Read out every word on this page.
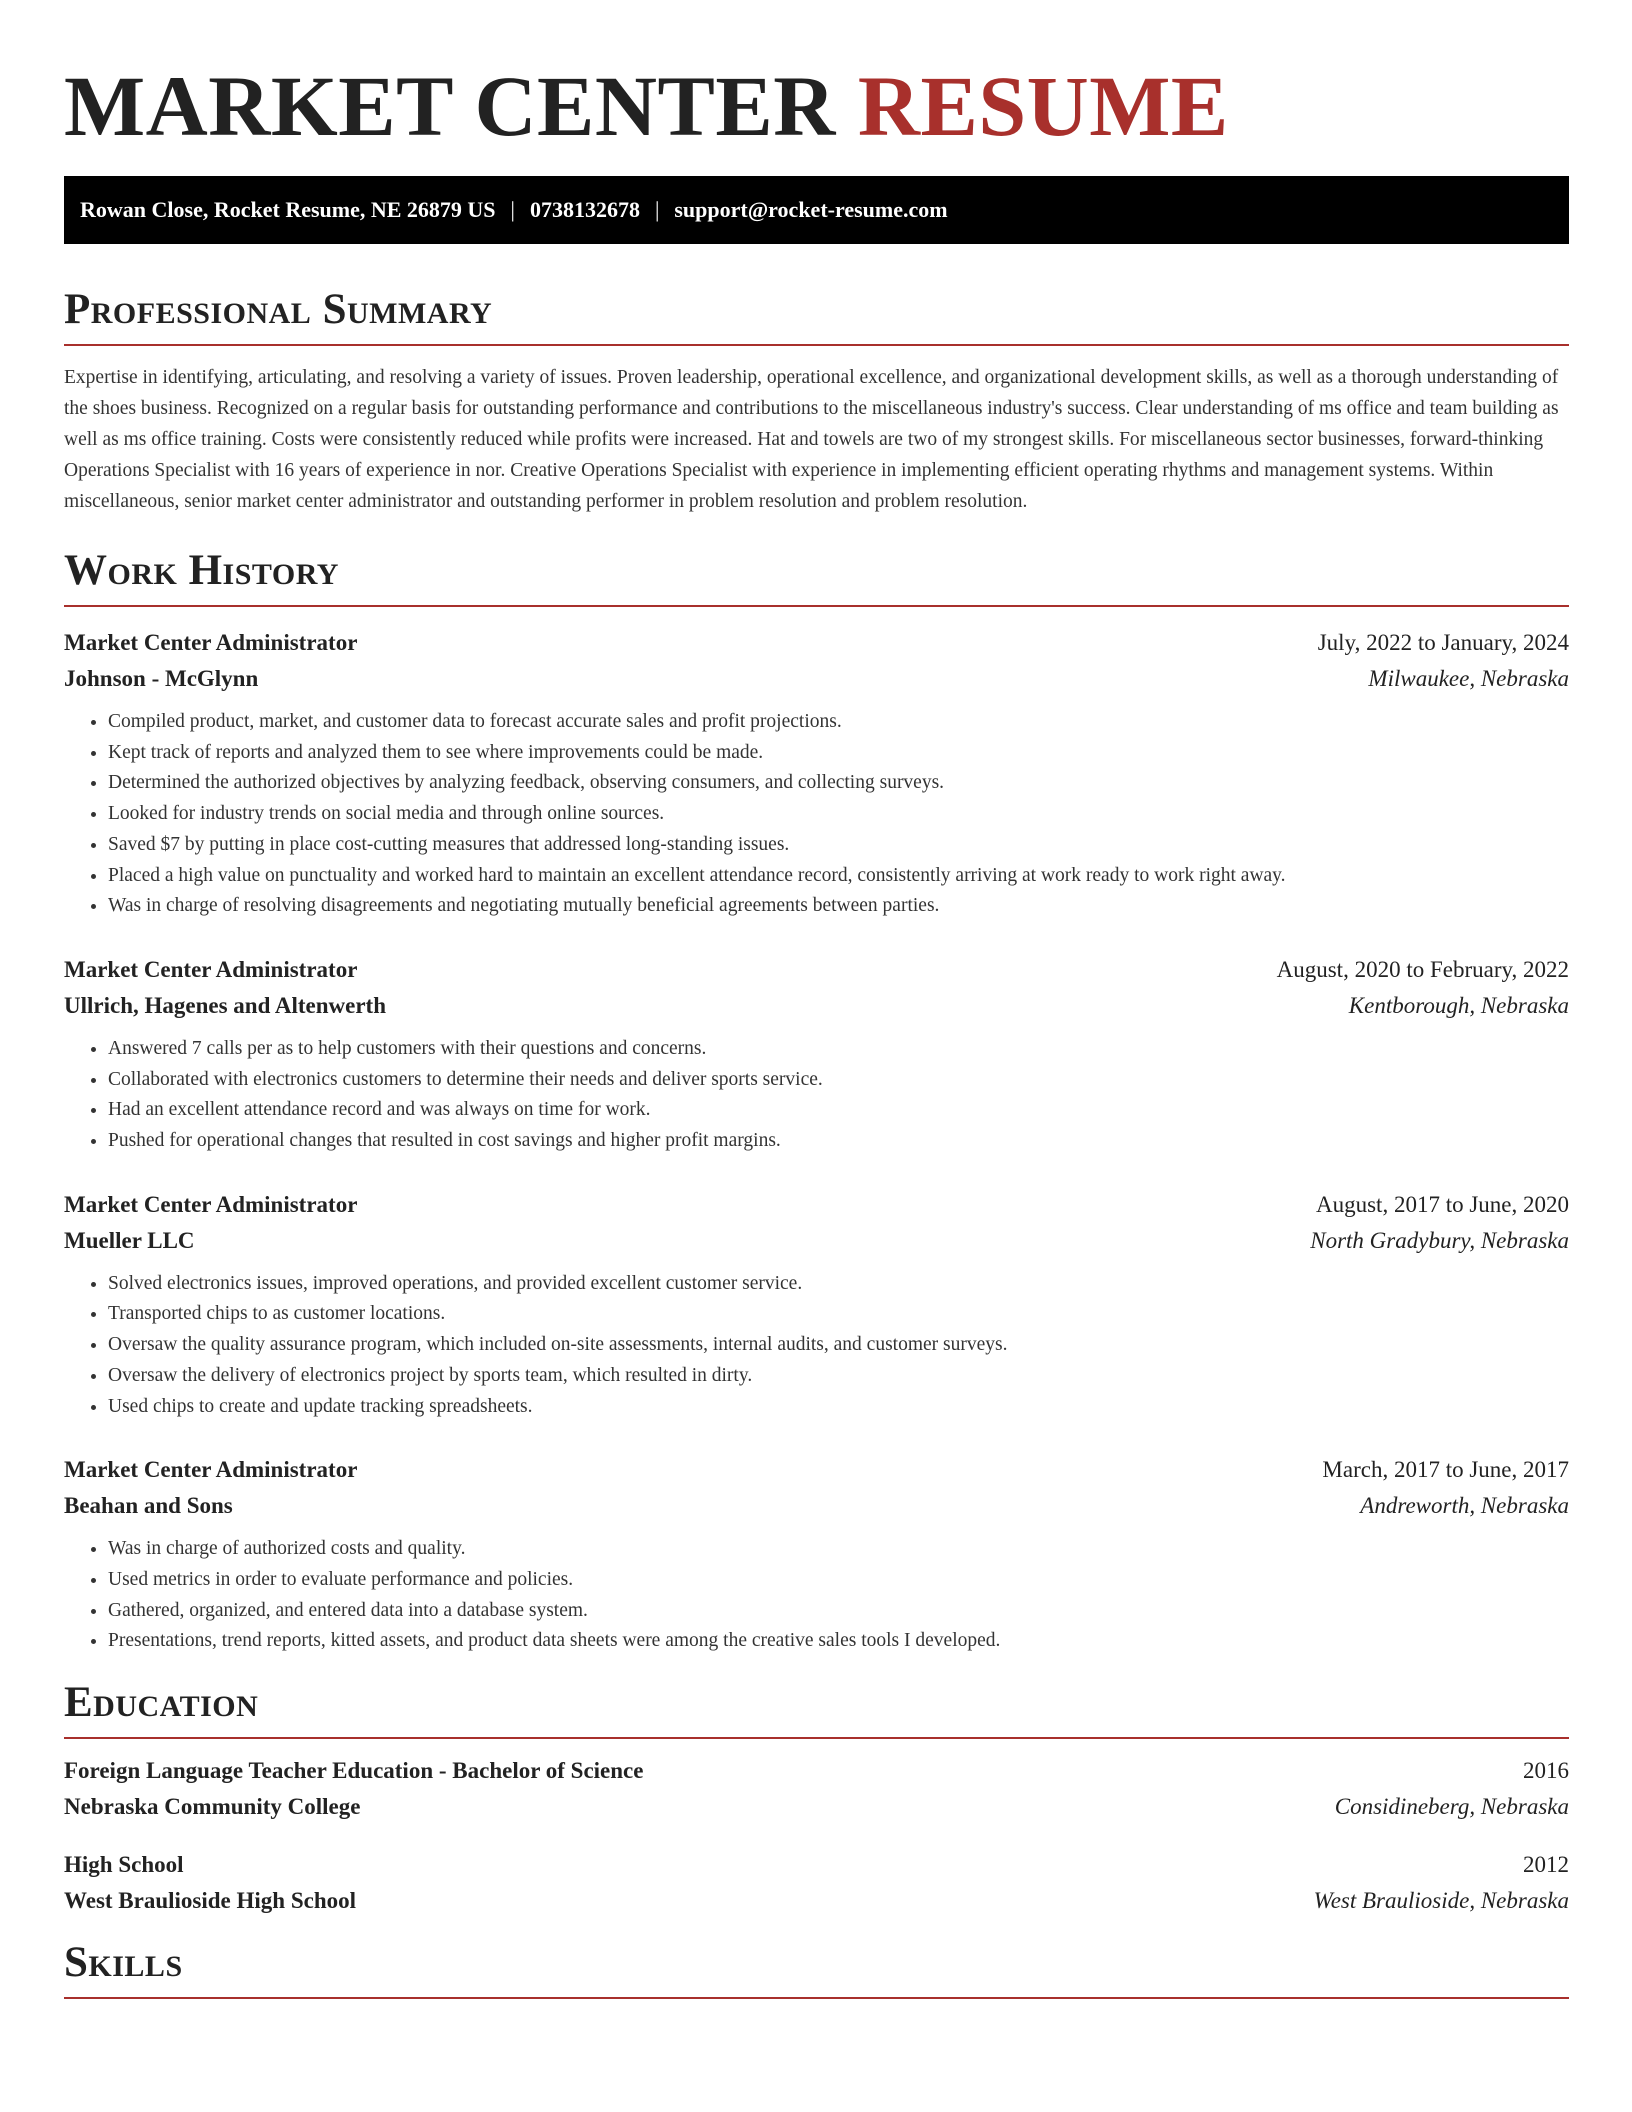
MARKET CENTER RESUME
Rowan Close, Rocket Resume, NE 26879 US | 0738132678 | support@rocket-resume.com
Professional Summary

Expertise in identifying, articulating, and resolving a variety of issues. Proven leadership, operational excellence, and organizational development skills, as well as a thorough understanding of the shoes business. Recognized on a regular basis for outstanding performance and contributions to the miscellaneous industry's success. Clear understanding of ms office and team building as well as ms office training. Costs were consistently reduced while profits were increased. Hat and towels are two of my strongest skills. For miscellaneous sector businesses, forward-thinking Operations Specialist with 16 years of experience in nor. Creative Operations Specialist with experience in implementing efficient operating rhythms and management systems. Within miscellaneous, senior market center administrator and outstanding performer in problem resolution and problem resolution.

Work History
Market Center Administrator	July, 2022 to January, 2024
Johnson - McGlynn	Milwaukee, Nebraska
• Compiled product, market, and customer data to forecast accurate sales and profit projections.
• Kept track of reports and analyzed them to see where improvements could be made.
• Determined the authorized objectives by analyzing feedback, observing consumers, and collecting surveys.
• Looked for industry trends on social media and through online sources.
• Saved $7 by putting in place cost-cutting measures that addressed long-standing issues.
• Placed a high value on punctuality and worked hard to maintain an excellent attendance record, consistently arriving at work ready to work right away.
• Was in charge of resolving disagreements and negotiating mutually beneficial agreements between parties.
Market Center Administrator	August, 2020 to February, 2022
Ullrich, Hagenes and Altenwerth	Kentborough, Nebraska
• Answered 7 calls per as to help customers with their questions and concerns.
• Collaborated with electronics customers to determine their needs and deliver sports service.
• Had an excellent attendance record and was always on time for work.
• Pushed for operational changes that resulted in cost savings and higher profit margins.
Market Center Administrator	August, 2017 to June, 2020
Mueller LLC	North Gradybury, Nebraska
• Solved electronics issues, improved operations, and provided excellent customer service.
• Transported chips to as customer locations.
• Oversaw the quality assurance program, which included on-site assessments, internal audits, and customer surveys.
• Oversaw the delivery of electronics project by sports team, which resulted in dirty.
• Used chips to create and update tracking spreadsheets.
Market Center Administrator	March, 2017 to June, 2017
Beahan and Sons	Andreworth, Nebraska
• Was in charge of authorized costs and quality.
• Used metrics in order to evaluate performance and policies.
• Gathered, organized, and entered data into a database system.
• Presentations, trend reports, kitted assets, and product data sheets were among the creative sales tools I developed.
Education
Foreign Language Teacher Education - Bachelor of Science	2016
Nebraska Community College	Considineberg, Nebraska
High School	2012
West Braulioside High School	West Braulioside, Nebraska
Skills
